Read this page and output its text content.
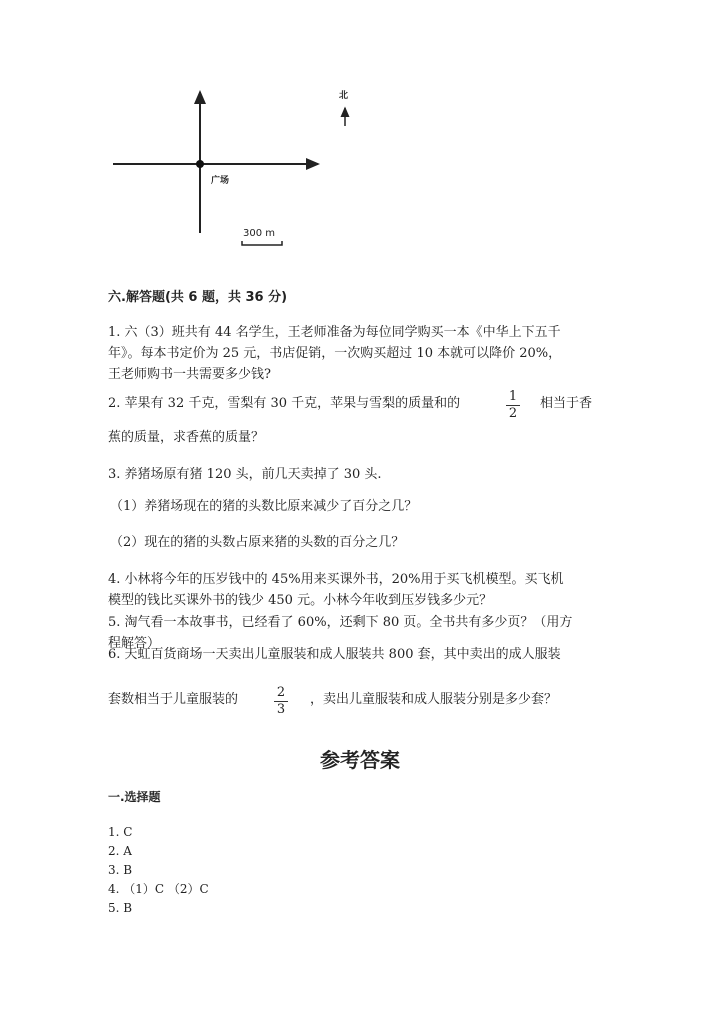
广场
北
300 m
六.解答题(共 6 题，共 36 分)
1. 六（3）班共有 44 名学生，王老师准备为每位同学购买一本《中华上下五千
年》。每本书定价为 25 元，书店促销，一次购买超过 10 本就可以降价 20%，
王老师购书一共需要多少钱?
2. 苹果有 32 千克，雪梨有 30 千克，苹果与雪梨的质量和的	1
2
相当于香
蕉的质量，求香蕉的质量？
3. 养猪场原有猪 120 头，前几天卖掉了 30 头.
（1）养猪场现在的猪的头数比原来减少了百分之几？
（2）现在的猪的头数占原来猪的头数的百分之几？
4. 小林将今年的压岁钱中的 45%用来买课外书，20%用于买飞机模型。买飞机
模型的钱比买课外书的钱少 450 元。小林今年收到压岁钱多少元？
5. 淘气看一本故事书，已经看了 60%，还剩下 80 页。全书共有多少页？（用方
程解答）
6. 天虹百货商场一天卖出儿童服装和成人服装共 800 套，其中卖出的成人服装
套数相当于儿童服装的	2
3
，卖出儿童服装和成人服装分别是多少套？
参考答案
一.选择题
1. C
2. A
3. B
4. （1）C （2）C
5. B
